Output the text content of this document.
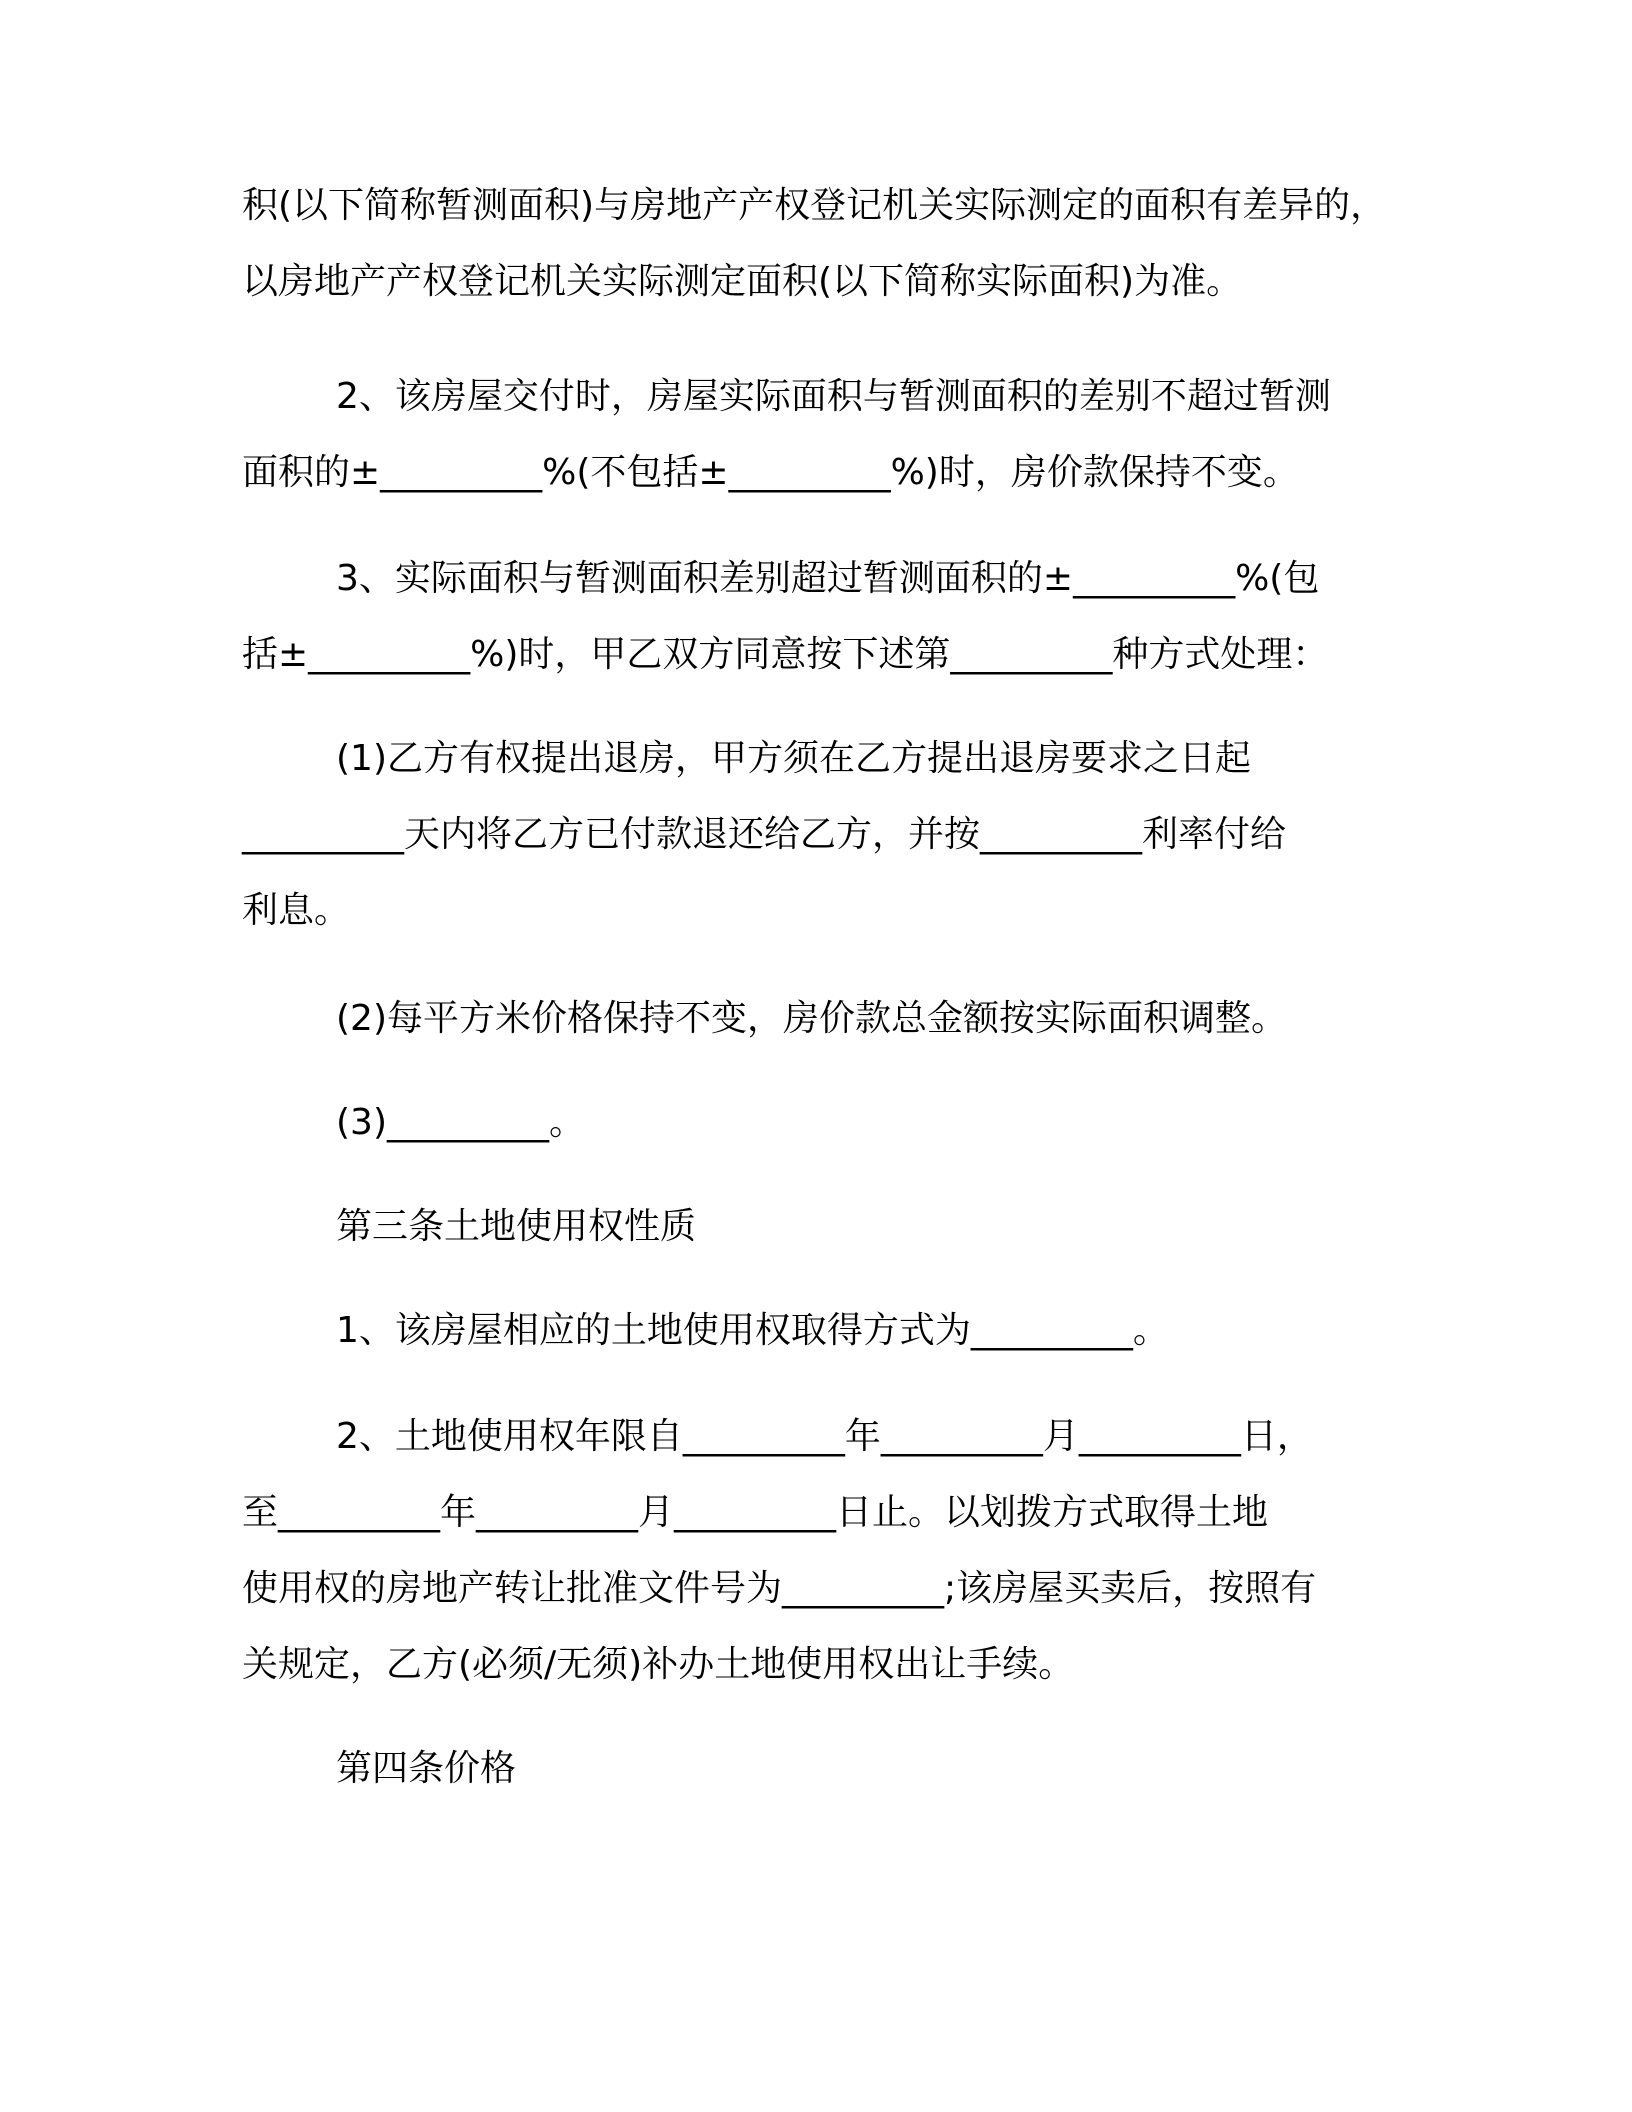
积(以下简称暂测面积)与房地产产权登记机关实际测定的面积有差异的，
以房地产产权登记机关实际测定面积(以下简称实际面积)为准。
2、该房屋交付时，房屋实际面积与暂测面积的差别不超过暂测
面积的±_________%(不包括±_________%)时，房价款保持不变。
3、实际面积与暂测面积差别超过暂测面积的±_________%(包
括±_________%)时，甲乙双方同意按下述第_________种方式处理：
(1)乙方有权提出退房，甲方须在乙方提出退房要求之日起
_________天内将乙方已付款退还给乙方，并按_________利率付给
利息。
(2)每平方米价格保持不变，房价款总金额按实际面积调整。
(3)_________。
第三条土地使用权性质
1、该房屋相应的土地使用权取得方式为_________。
2、土地使用权年限自_________年_________月_________日，
至_________年_________月_________日止。以划拨方式取得土地
使用权的房地产转让批准文件号为_________;该房屋买卖后，按照有
关规定，乙方(必须/无须)补办土地使用权出让手续。
第四条价格
